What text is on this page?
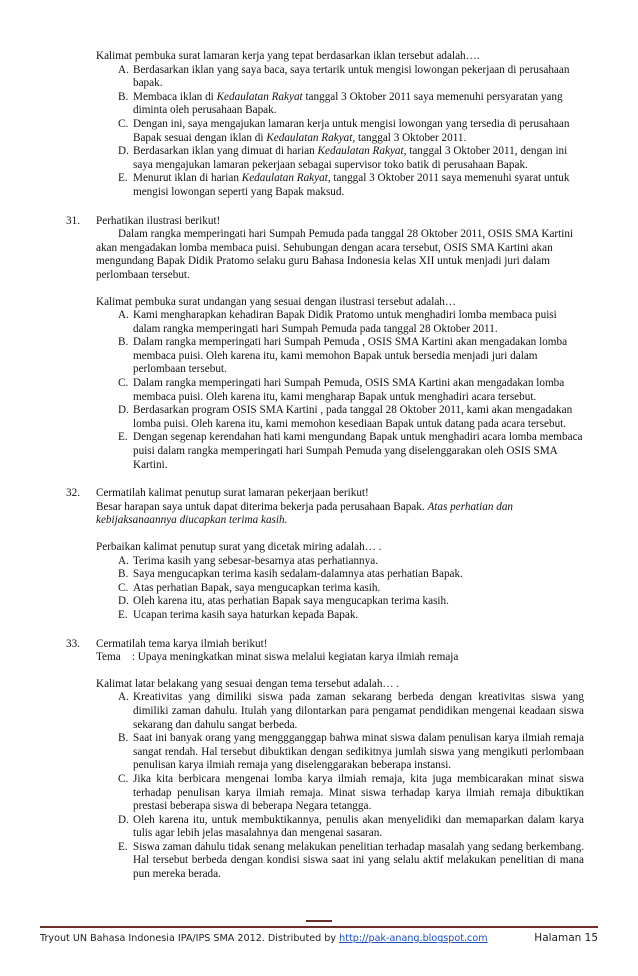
Kalimat pembuka surat lamaran kerja yang tepat berdasarkan iklan tersebut adalah….
A. Berdasarkan iklan yang saya baca, saya tertarik untuk mengisi lowongan pekerjaan di perusahaan bapak.
B. Membaca iklan di Kedaulatan Rakyat tanggal 3 Oktober 2011 saya memenuhi persyaratan yang diminta oleh perusahaan Bapak.
C. Dengan ini, saya mengajukan lamaran kerja untuk mengisi lowongan yang tersedia di perusahaan Bapak sesuai dengan iklan di Kedaulatan Rakyat, tanggal 3 Oktober 2011.
D. Berdasarkan iklan yang dimuat di harian Kedaulatan Rakyat, tanggal 3 Oktober 2011, dengan ini saya mengajukan lamaran pekerjaan sebagai supervisor toko batik di perusahaan Bapak.
E. Menurut iklan di harian Kedaulatan Rakyat, tanggal 3 Oktober 2011 saya memenuhi syarat untuk mengisi lowongan seperti yang Bapak maksud.
31. Perhatikan ilustrasi berikut!
Dalam rangka memperingati hari Sumpah Pemuda pada tanggal 28 Oktober 2011, OSIS SMA Kartini akan mengadakan lomba membaca puisi. Sehubungan dengan acara tersebut, OSIS SMA Kartini akan mengundang Bapak Didik Pratomo selaku guru Bahasa Indonesia kelas XII untuk menjadi juri dalam perlombaan tersebut.
Kalimat pembuka surat undangan yang sesuai dengan ilustrasi tersebut adalah…
A. Kami mengharapkan kehadiran Bapak Didik Pratomo untuk menghadiri lomba membaca puisi dalam rangka memperingati hari Sumpah Pemuda pada tanggal 28 Oktober 2011.
B. Dalam rangka memperingati hari Sumpah Pemuda , OSIS SMA Kartini akan mengadakan lomba membaca puisi. Oleh karena itu, kami memohon Bapak untuk bersedia menjadi juri dalam perlombaan tersebut.
C. Dalam rangka memperingati hari Sumpah Pemuda, OSIS SMA Kartini akan mengadakan lomba membaca puisi. Oleh karena itu, kami mengharap Bapak untuk menghadiri acara tersebut.
D. Berdasarkan program OSIS SMA Kartini , pada tanggal 28 Oktober 2011, kami akan mengadakan lomba puisi. Oleh karena itu, kami memohon kesediaan Bapak untuk datang pada acara tersebut.
E. Dengan segenap kerendahan hati kami mengundang Bapak untuk menghadiri acara lomba membaca puisi dalam rangka memperingati hari Sumpah Pemuda yang diselenggarakan oleh OSIS SMA Kartini.
32. Cermatilah kalimat penutup surat lamaran pekerjaan berikut!
Besar harapan saya untuk dapat diterima bekerja pada perusahaan Bapak. Atas perhatian dan kebijaksanaannya diucapkan terima kasih.
Perbaikan kalimat penutup surat yang dicetak miring adalah… .
A. Terima kasih yang sebesar-besarnya atas perhatiannya.
B. Saya mengucapkan terima kasih sedalam-dalamnya atas perhatian Bapak.
C. Atas perhatian Bapak, saya mengucapkan terima kasih.
D. Oleh karena itu, atas perhatian Bapak saya mengucapkan terima kasih.
E. Ucapan terima kasih saya haturkan kepada Bapak.
33. Cermatilah tema karya ilmiah berikut!
Tema : Upaya meningkatkan minat siswa melalui kegiatan karya ilmiah remaja
Kalimat latar belakang yang sesuai dengan tema tersebut adalah… .
A. Kreativitas yang dimiliki siswa pada zaman sekarang berbeda dengan kreativitas siswa yang dimiliki zaman dahulu. Itulah yang dilontarkan para pengamat pendidikan mengenai keadaan siswa sekarang dan dahulu sangat berbeda.
B. Saat ini banyak orang yang menggganggap bahwa minat siswa dalam penulisan karya ilmiah remaja sangat rendah. Hal tersebut dibuktikan dengan sedikitnya jumlah siswa yang mengikuti perlombaan penulisan karya ilmiah remaja yang diselenggarakan beberapa instansi.
C. Jika kita berbicara mengenai lomba karya ilmiah remaja, kita juga membicarakan minat siswa terhadap penulisan karya ilmiah remaja. Minat siswa terhadap karya ilmiah remaja dibuktikan prestasi beberapa siswa di beberapa Negara tetangga.
D. Oleh karena itu, untuk membuktikannya, penulis akan menyelidiki dan memaparkan dalam karya tulis agar lebih jelas masalahnya dan mengenai sasaran.
E. Siswa zaman dahulu tidak senang melakukan penelitian terhadap masalah yang sedang berkembang. Hal tersebut berbeda dengan kondisi siswa saat ini yang selalu aktif melakukan penelitian di mana pun mereka berada.
Tryout UN Bahasa Indonesia IPA/IPS SMA 2012. Distributed by http://pak-anang.blogspot.com	Halaman 15
